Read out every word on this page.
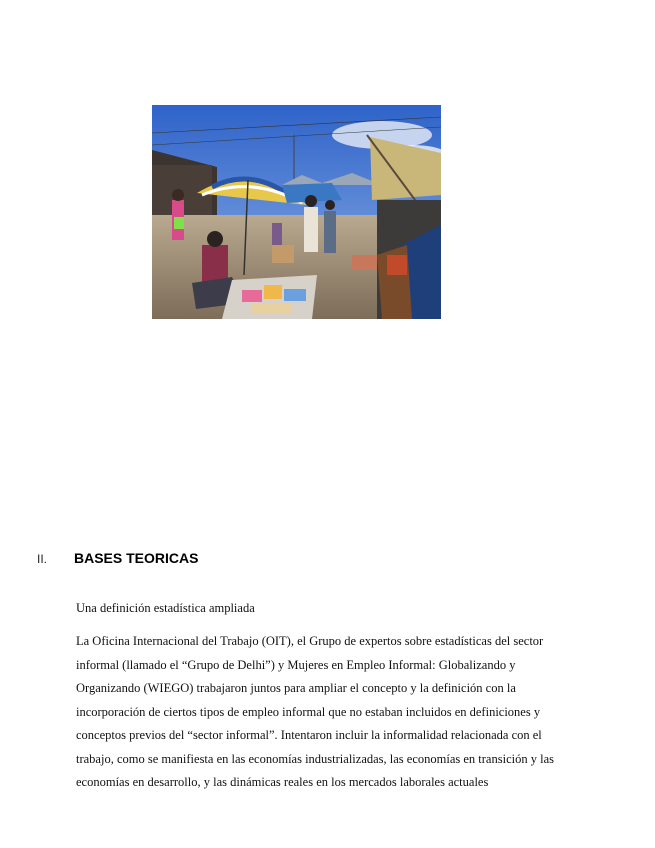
II. BASES TEORICAS
Una definición estadística ampliada
La Oficina Internacional del Trabajo (OIT), el Grupo de expertos sobre estadísticas del sector
informal (llamado el “Grupo de Delhi”) y Mujeres en Empleo Informal: Globalizando y
Organizando (WIEGO) trabajaron juntos para ampliar el concepto y la definición con la
incorporación de ciertos tipos de empleo informal que no estaban incluidos en definiciones y
conceptos previos del “sector informal”. Intentaron incluir la informalidad relacionada con el
trabajo, como se manifiesta en las economías industrializadas, las economías en transición y las
economías en desarrollo, y las dinámicas reales en los mercados laborales actuales
